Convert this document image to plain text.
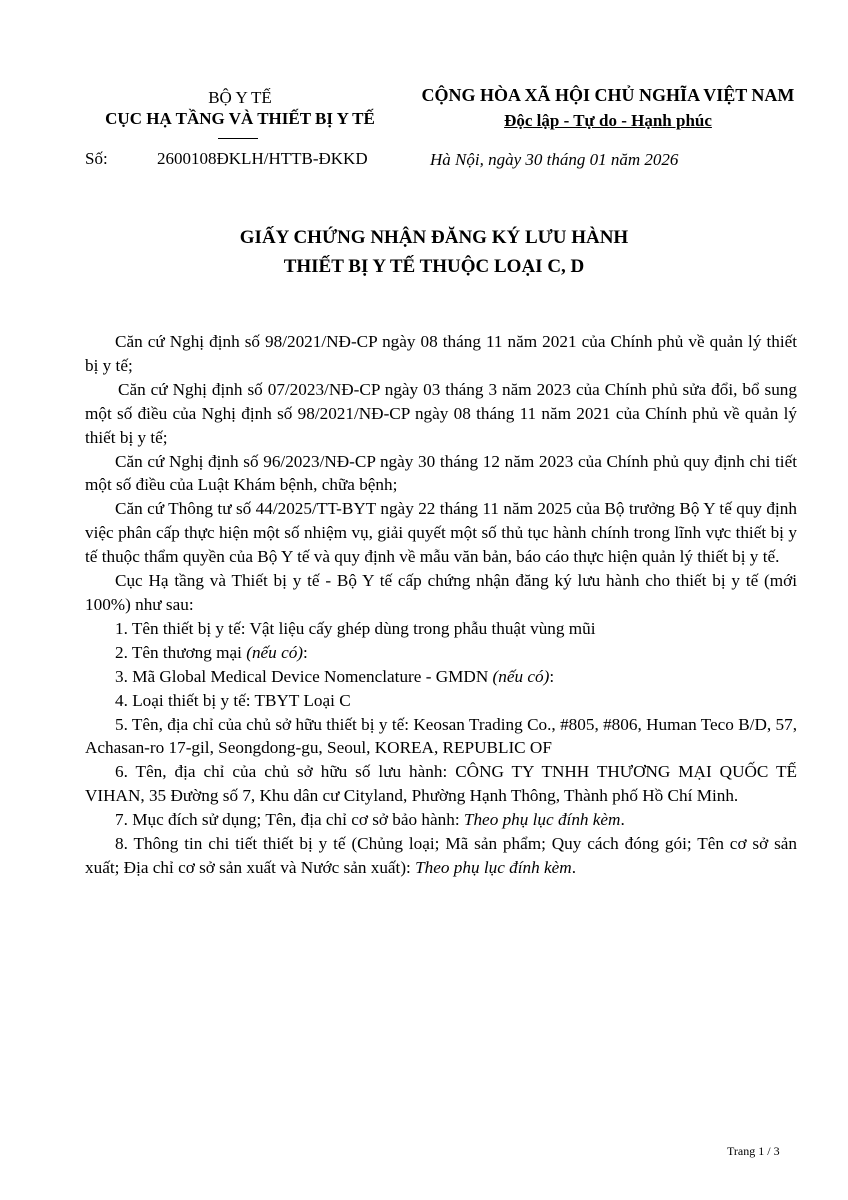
BỘ Y TẾ
CỤC HẠ TẦNG VÀ THIẾT BỊ Y TẾ
CỘNG HÒA XÃ HỘI CHỦ NGHĨA VIỆT NAM
Độc lập - Tự do - Hạnh phúc
Số:	2600108ĐKLH/HTTB-ĐKKD	Hà Nội, ngày 30 tháng 01 năm 2026
GIẤY CHỨNG NHẬN ĐĂNG KÝ LƯU HÀNH
THIẾT BỊ Y TẾ THUỘC LOẠI C, D

Căn cứ Nghị định số 98/2021/NĐ-CP ngày 08 tháng 11 năm 2021 của Chính phủ về quản lý thiết bị y tế;

Căn cứ Nghị định số 07/2023/NĐ-CP ngày 03 tháng 3 năm 2023 của Chính phủ sửa đổi, bổ sung một số điều của Nghị định số 98/2021/NĐ-CP ngày 08 tháng 11 năm 2021 của Chính phủ về quản lý thiết bị y tế;

Căn cứ Nghị định số 96/2023/NĐ-CP ngày 30 tháng 12 năm 2023 của Chính phủ quy định chi tiết một số điều của Luật Khám bệnh, chữa bệnh;

Căn cứ Thông tư số 44/2025/TT-BYT ngày 22 tháng 11 năm 2025 của Bộ trưởng Bộ Y tế quy định việc phân cấp thực hiện một số nhiệm vụ, giải quyết một số thủ tục hành chính trong lĩnh vực thiết bị y tế thuộc thẩm quyền của Bộ Y tế và quy định về mẫu văn bản, báo cáo thực hiện quản lý thiết bị y tế.

Cục Hạ tầng và Thiết bị y tế - Bộ Y tế cấp chứng nhận đăng ký lưu hành cho thiết bị y tế (mới 100%) như sau:

1. Tên thiết bị y tế: Vật liệu cấy ghép dùng trong phẫu thuật vùng mũi

2. Tên thương mại (nếu có):

3. Mã Global Medical Device Nomenclature - GMDN (nếu có):

4. Loại thiết bị y tế: TBYT Loại C

5. Tên, địa chỉ của chủ sở hữu thiết bị y tế: Keosan Trading Co., #805, #806, Human Teco B/D, 57, Achasan-ro 17-gil, Seongdong-gu, Seoul, KOREA, REPUBLIC OF

6. Tên, địa chỉ của chủ sở hữu số lưu hành: CÔNG TY TNHH THƯƠNG MẠI QUỐC TẾ VIHAN, 35 Đường số 7, Khu dân cư Cityland, Phường Hạnh Thông, Thành phố Hồ Chí Minh.

7. Mục đích sử dụng; Tên, địa chỉ cơ sở bảo hành: Theo phụ lục đính kèm.

8. Thông tin chi tiết thiết bị y tế (Chủng loại; Mã sản phẩm; Quy cách đóng gói; Tên cơ sở sản xuất; Địa chỉ cơ sở sản xuất và Nước sản xuất): Theo phụ lục đính kèm.

Trang 1 / 3
